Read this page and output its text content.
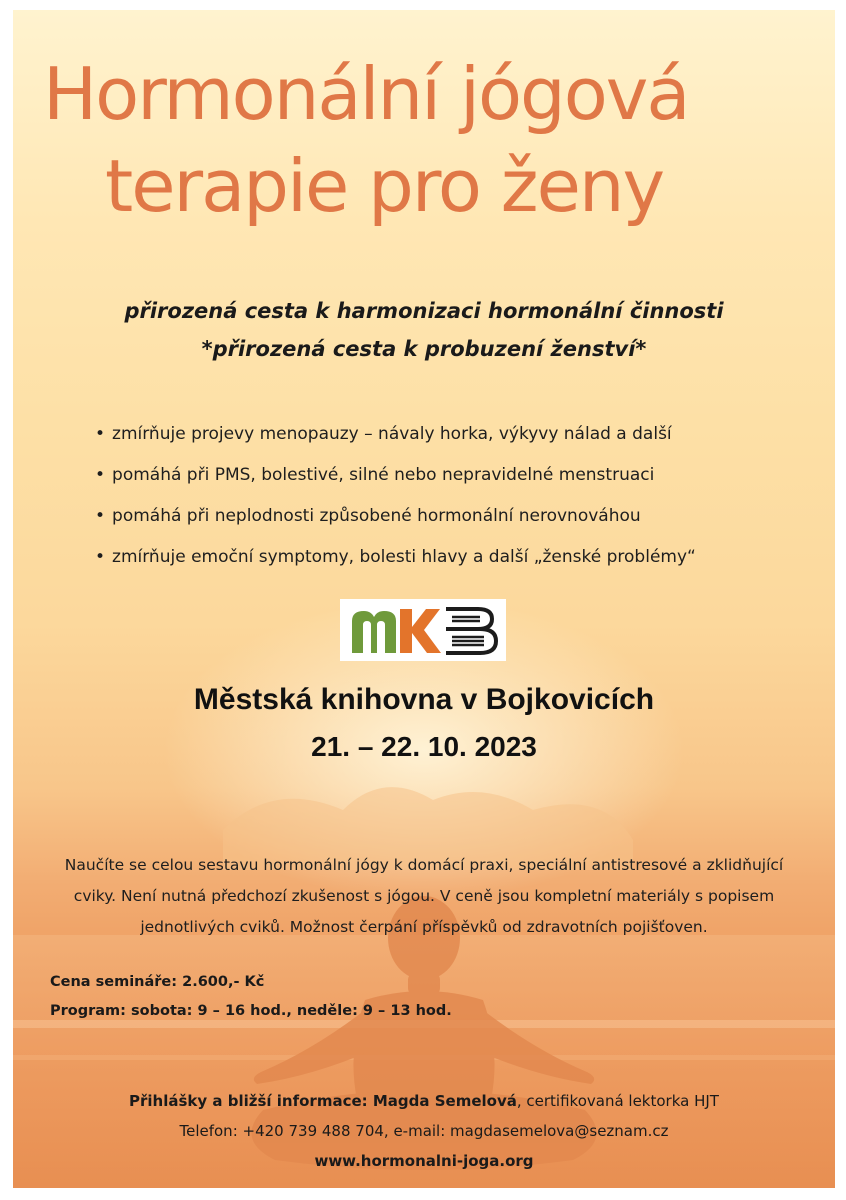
Hormonální jógová
terapie pro ženy
přirozená cesta k harmonizaci hormonální činnosti
*přirozená cesta k probuzení ženství*
• zmírňuje projevy menopauzy – návaly horka, výkyvy nálad a další
• pomáhá při PMS, bolestivé, silné nebo nepravidelné menstruaci
• pomáhá při neplodnosti způsobené hormonální nerovnováhou
• zmírňuje emoční symptomy, bolesti hlavy a další „ženské problémy“
Městská knihovna v Bojkovicích
21. – 22. 10. 2023
Naučíte se celou sestavu hormonální jógy k domácí praxi, speciální antistresové a zklidňující
cviky. Není nutná předchozí zkušenost s jógou. V ceně jsou kompletní materiály s popisem
jednotlivých cviků. Možnost čerpání příspěvků od zdravotních pojišťoven.
Cena semináře: 2.600,- Kč
Program: sobota: 9 – 16 hod., neděle: 9 – 13 hod.
Přihlášky a bližší informace: Magda Semelová, certifikovaná lektorka HJT
Telefon: +420 739 488 704, e-mail: magdasemelova@seznam.cz
www.hormonalni-joga.org
